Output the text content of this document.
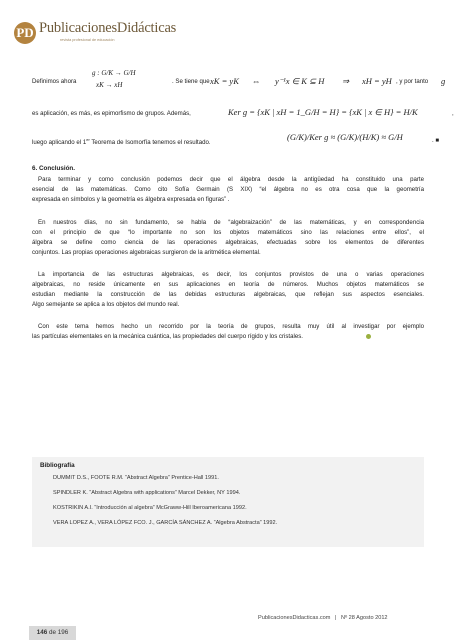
PD PublicacionesDidácticas
revista profesional de educación
Definimos ahora
g : G/K → G/H
xK → xH	. Se tiene que xK = yK ⇔ y⁻¹x ∈ K ⊆ H ⇒ xH = yH , y por tanto g
es aplicación, es más, es epimorfismo de grupos. Además,	Ker g = {xK | xH = 1_G/H = H} = {xK | x ∈ H} = H/K	,
luego aplicando el 1er Teorema de Isomorfía tenemos el resultado.
(G/K)/Ker g ≈ (G/K)/(H/K) ≈ G/H	. ■
6. Conclusión.
Para terminar y como conclusión podemos decir que el álgebra desde la antigüedad ha constituido una parte
esencial de las matemáticas. Como cito Sofía Germain (S XIX) “el álgebra no es otra cosa que la geometría
expresada en símbolos y la geometría es álgebra expresada en figuras” .
En nuestros días, no sin fundamento, se habla de “algebraización” de las matemáticas, y en correspondencia
con el principio de que “lo importante no son los objetos matemáticos sino las relaciones entre ellos”, el
álgebra se define como ciencia de las operaciones algebraicas, efectuadas sobre los elementos de diferentes
conjuntos. Las propias operaciones algebraicas surgieron de la aritmética elemental.
La importancia de las estructuras algebraicas, es decir, los conjuntos provistos de una o varias operaciones
algebraicas, no reside únicamente en sus aplicaciones en teoría de números. Muchos objetos matemáticos se
estudian mediante la construcción de las debidas estructuras algebraicas, que reflejan sus aspectos esenciales.
Algo semejante se aplica a los objetos del mundo real.
Con este tema hemos hecho un recorrido por la teoría de grupos, resulta muy útil al investigar por ejemplo
las partículas elementales en la mecánica cuántica, las propiedades del cuerpo rígido y los cristales.
Bibliografía
DUMMIT D.S., FOOTE R.M. “Abstract Algebra” Prentice-Hall 1991.
SPINDLER K. “Abstract Algebra with applications” Marcel Dekker, NY 1994.
KOSTRIKIN A.I. “Introducción al algebra” McGraww-Hill Iberoamericana 1992.
VERA LOPEZ A., VERA LÓPEZ FCO. J., GARCÍA SÁNCHEZ A. “Algebra Abstracta” 1992.
146 de 196
PublicacionesDidacticas.com | Nº 28 Agosto 2012
